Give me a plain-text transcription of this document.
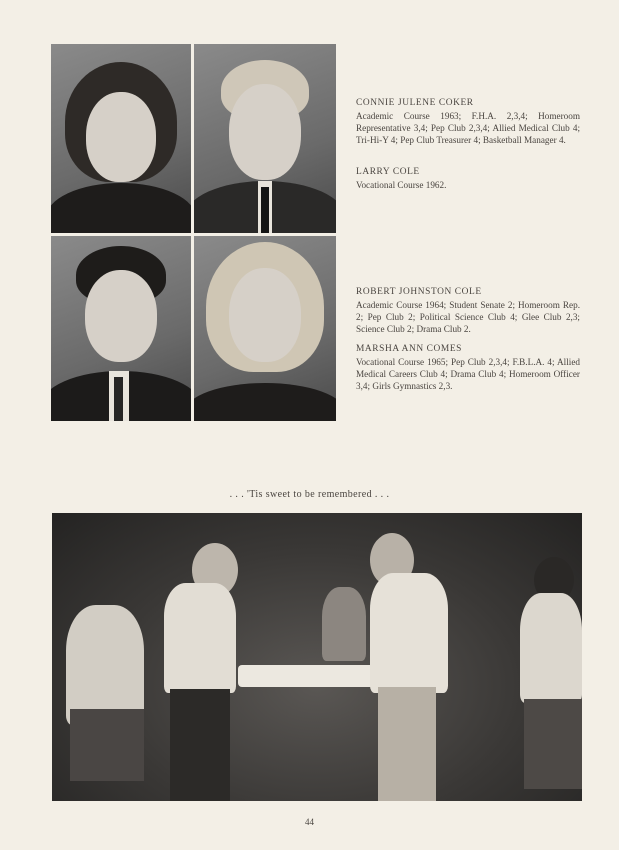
CONNIE JULENE COKER
Academic Course 1963; F.H.A. 2,3,4; Homeroom Representative 3,4; Pep Club 2,3,4; Allied Medical Club 4; Tri-Hi-Y 4; Pep Club Treasurer 4; Basketball Manager 4.
LARRY COLE
Vocational Course 1962.
ROBERT JOHNSTON COLE
Academic Course 1964; Student Senate 2; Homeroom Rep. 2; Pep Club 2; Political Science Club 4; Glee Club 2,3; Science Club 2; Drama Club 2.
MARSHA ANN COMES
Vocational Course 1965; Pep Club 2,3,4; F.B.L.A. 4; Allied Medical Careers Club 4; Drama Club 4; Homeroom Officer 3,4; Girls Gymnastics 2,3.
. . . 'Tis sweet to be remembered . . .
44
